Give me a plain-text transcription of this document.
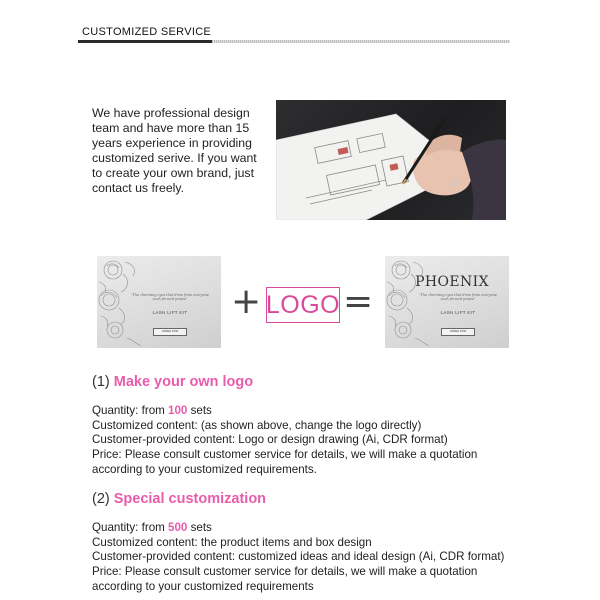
CUSTOMIZED SERVICE
We have professional design
team and have more than 15
years experience in providing
customized serive. If you want
to create your own brand, just
contact us freely.
"The charming eyes that drew from everyone such fervent praise"
LASH LIFT KIT
ORDER NOW
+ LOGO =	PHOENIX
"The charming eyes that drew from everyone such fervent praise"
LASH LIFT KIT
ORDER NOW
(1) Make your own logo
Quantity: from 100 sets
Customized content: (as shown above, change the logo directly)
Customer-provided content: Logo or design drawing (Ai, CDR format)
Price: Please consult customer service for details, we will make a quotation
according to your customized requirements.
(2) Special customization
Quantity: from 500 sets
Customized content: the product items and box design
Customer-provided content: customized ideas and ideal design (Ai, CDR format)
Price: Please consult customer service for details, we will make a quotation
according to your customized requirements
